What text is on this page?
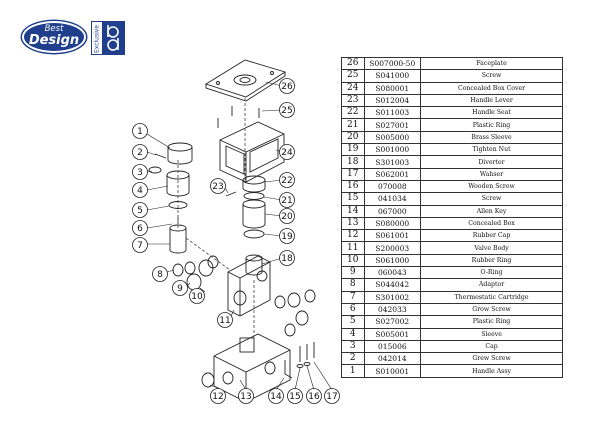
Best
Design	Exclusive
26	S007000-50	Faceplate
25	S041000	Screw
24	S080001	Concealed Box Cover
23	S012004	Handle Lever
22	S011003	Handle Seat
21	S027001	Plastic Ring
20	S005000	Brass Sleeve
19	S001000	Tighten Nut
18	S301003	Diverter
17	S062001	Wahser
16	070008	Wooden Screw
15	041034	Screw
14	067000	Allen Key
13	S080000	Concealed Box
12	S061001	Rubber Cap
11	S200003	Valve Body
10	S061000	Rubber Ring
9	060043	O-Ring
8	S044042	Adaptor
7	S301002	Thermostatic Cartridge
6	042033	Grow Screw
5	S027002	Plastic Ring
4	S005001	Sleeve
3	015006	Cap
2	042014	Grew Screw
1	S010001	Handle Assy
1
2
3
4
5
6
7
8
9
10
11
12 13 14 15 16 17
18
19
20
21
22
23
24
25
26
